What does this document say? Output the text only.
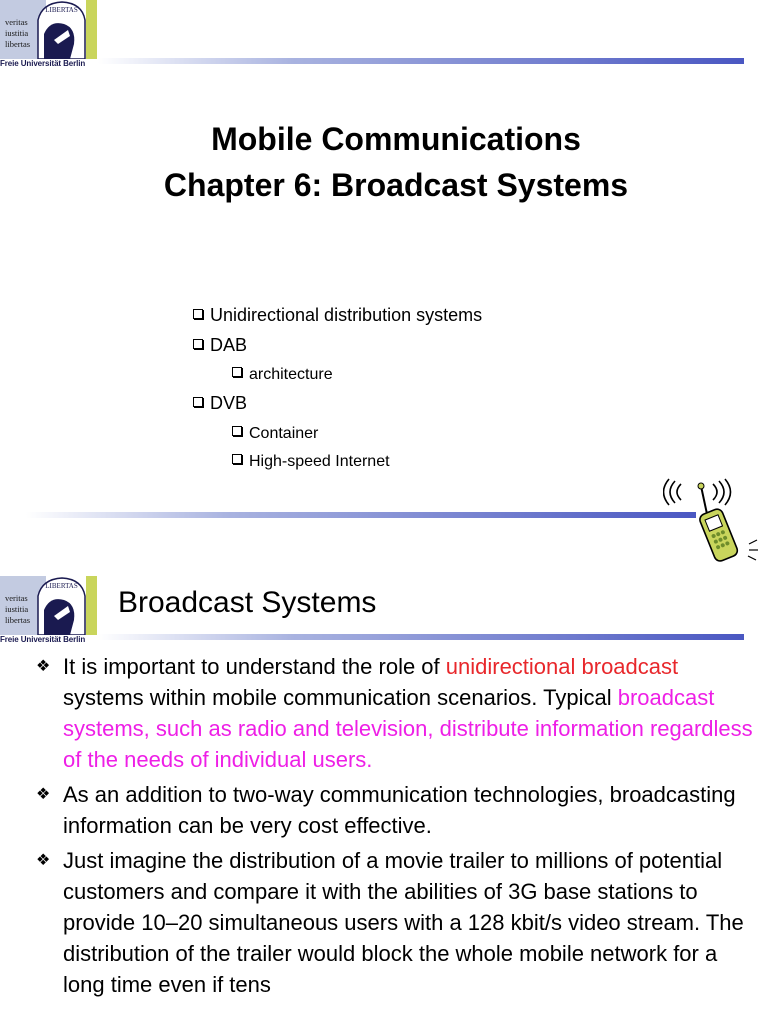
veritas
iustitia
libertas
LIBERTAS
Freie Universität Berlin
Mobile Communications
Chapter 6: Broadcast Systems
Unidirectional distribution systems
DAB
architecture
DVB
Container
High-speed Internet
veritas
iustitia
libertas
LIBERTAS
Freie Universität Berlin
Broadcast Systems
❖ It is important to understand the role of unidirectional broadcast systems within mobile communication scenarios. Typical broadcast systems, such as radio and television, distribute information regardless of the needs of individual users.
❖ As an addition to two-way communication technologies, broadcasting information can be very cost effective.
❖ Just imagine the distribution of a movie trailer to millions of potential customers and compare it with the abilities of 3G base stations to provide 10–20 simultaneous users with a 128 kbit/s video stream. The distribution of the trailer would block the whole mobile network for a long time even if tens
